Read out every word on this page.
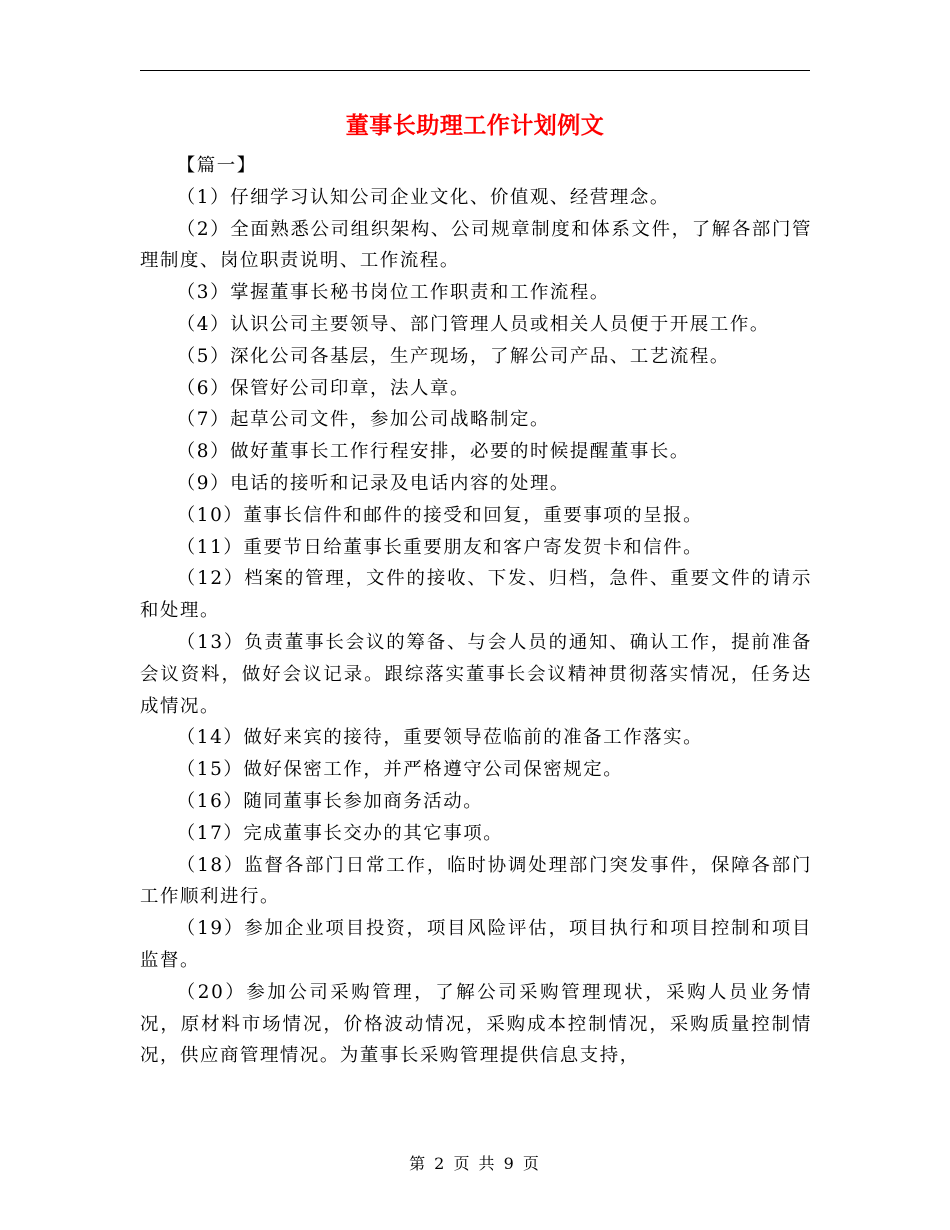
董事长助理工作计划例文

【篇一】

（1）仔细学习认知公司企业文化、价值观、经营理念。

（2）全面熟悉公司组织架构、公司规章制度和体系文件，了解各部门管理制度、岗位职责说明、工作流程。

（3）掌握董事长秘书岗位工作职责和工作流程。

（4）认识公司主要领导、部门管理人员或相关人员便于开展工作。

（5）深化公司各基层，生产现场，了解公司产品、工艺流程。

（6）保管好公司印章，法人章。

（7）起草公司文件，参加公司战略制定。

（8）做好董事长工作行程安排，必要的时候提醒董事长。

（9）电话的接听和记录及电话内容的处理。

（10）董事长信件和邮件的接受和回复，重要事项的呈报。

（11）重要节日给董事长重要朋友和客户寄发贺卡和信件。

（12）档案的管理，文件的接收、下发、归档，急件、重要文件的请示和处理。

（13）负责董事长会议的筹备、与会人员的通知、确认工作，提前准备会议资料，做好会议记录。跟综落实董事长会议精神贯彻落实情况，任务达成情况。

（14）做好来宾的接待，重要领导莅临前的准备工作落实。

（15）做好保密工作，并严格遵守公司保密规定。

（16）随同董事长参加商务活动。

（17）完成董事长交办的其它事项。

（18）监督各部门日常工作，临时协调处理部门突发事件，保障各部门工作顺利进行。

（19）参加企业项目投资，项目风险评估，项目执行和项目控制和项目监督。

（20）参加公司采购管理，了解公司采购管理现状，采购人员业务情况，原材料市场情况，价格波动情况，采购成本控制情况，采购质量控制情况，供应商管理情况。为董事长采购管理提供信息支持，

第 2 页 共 9 页
